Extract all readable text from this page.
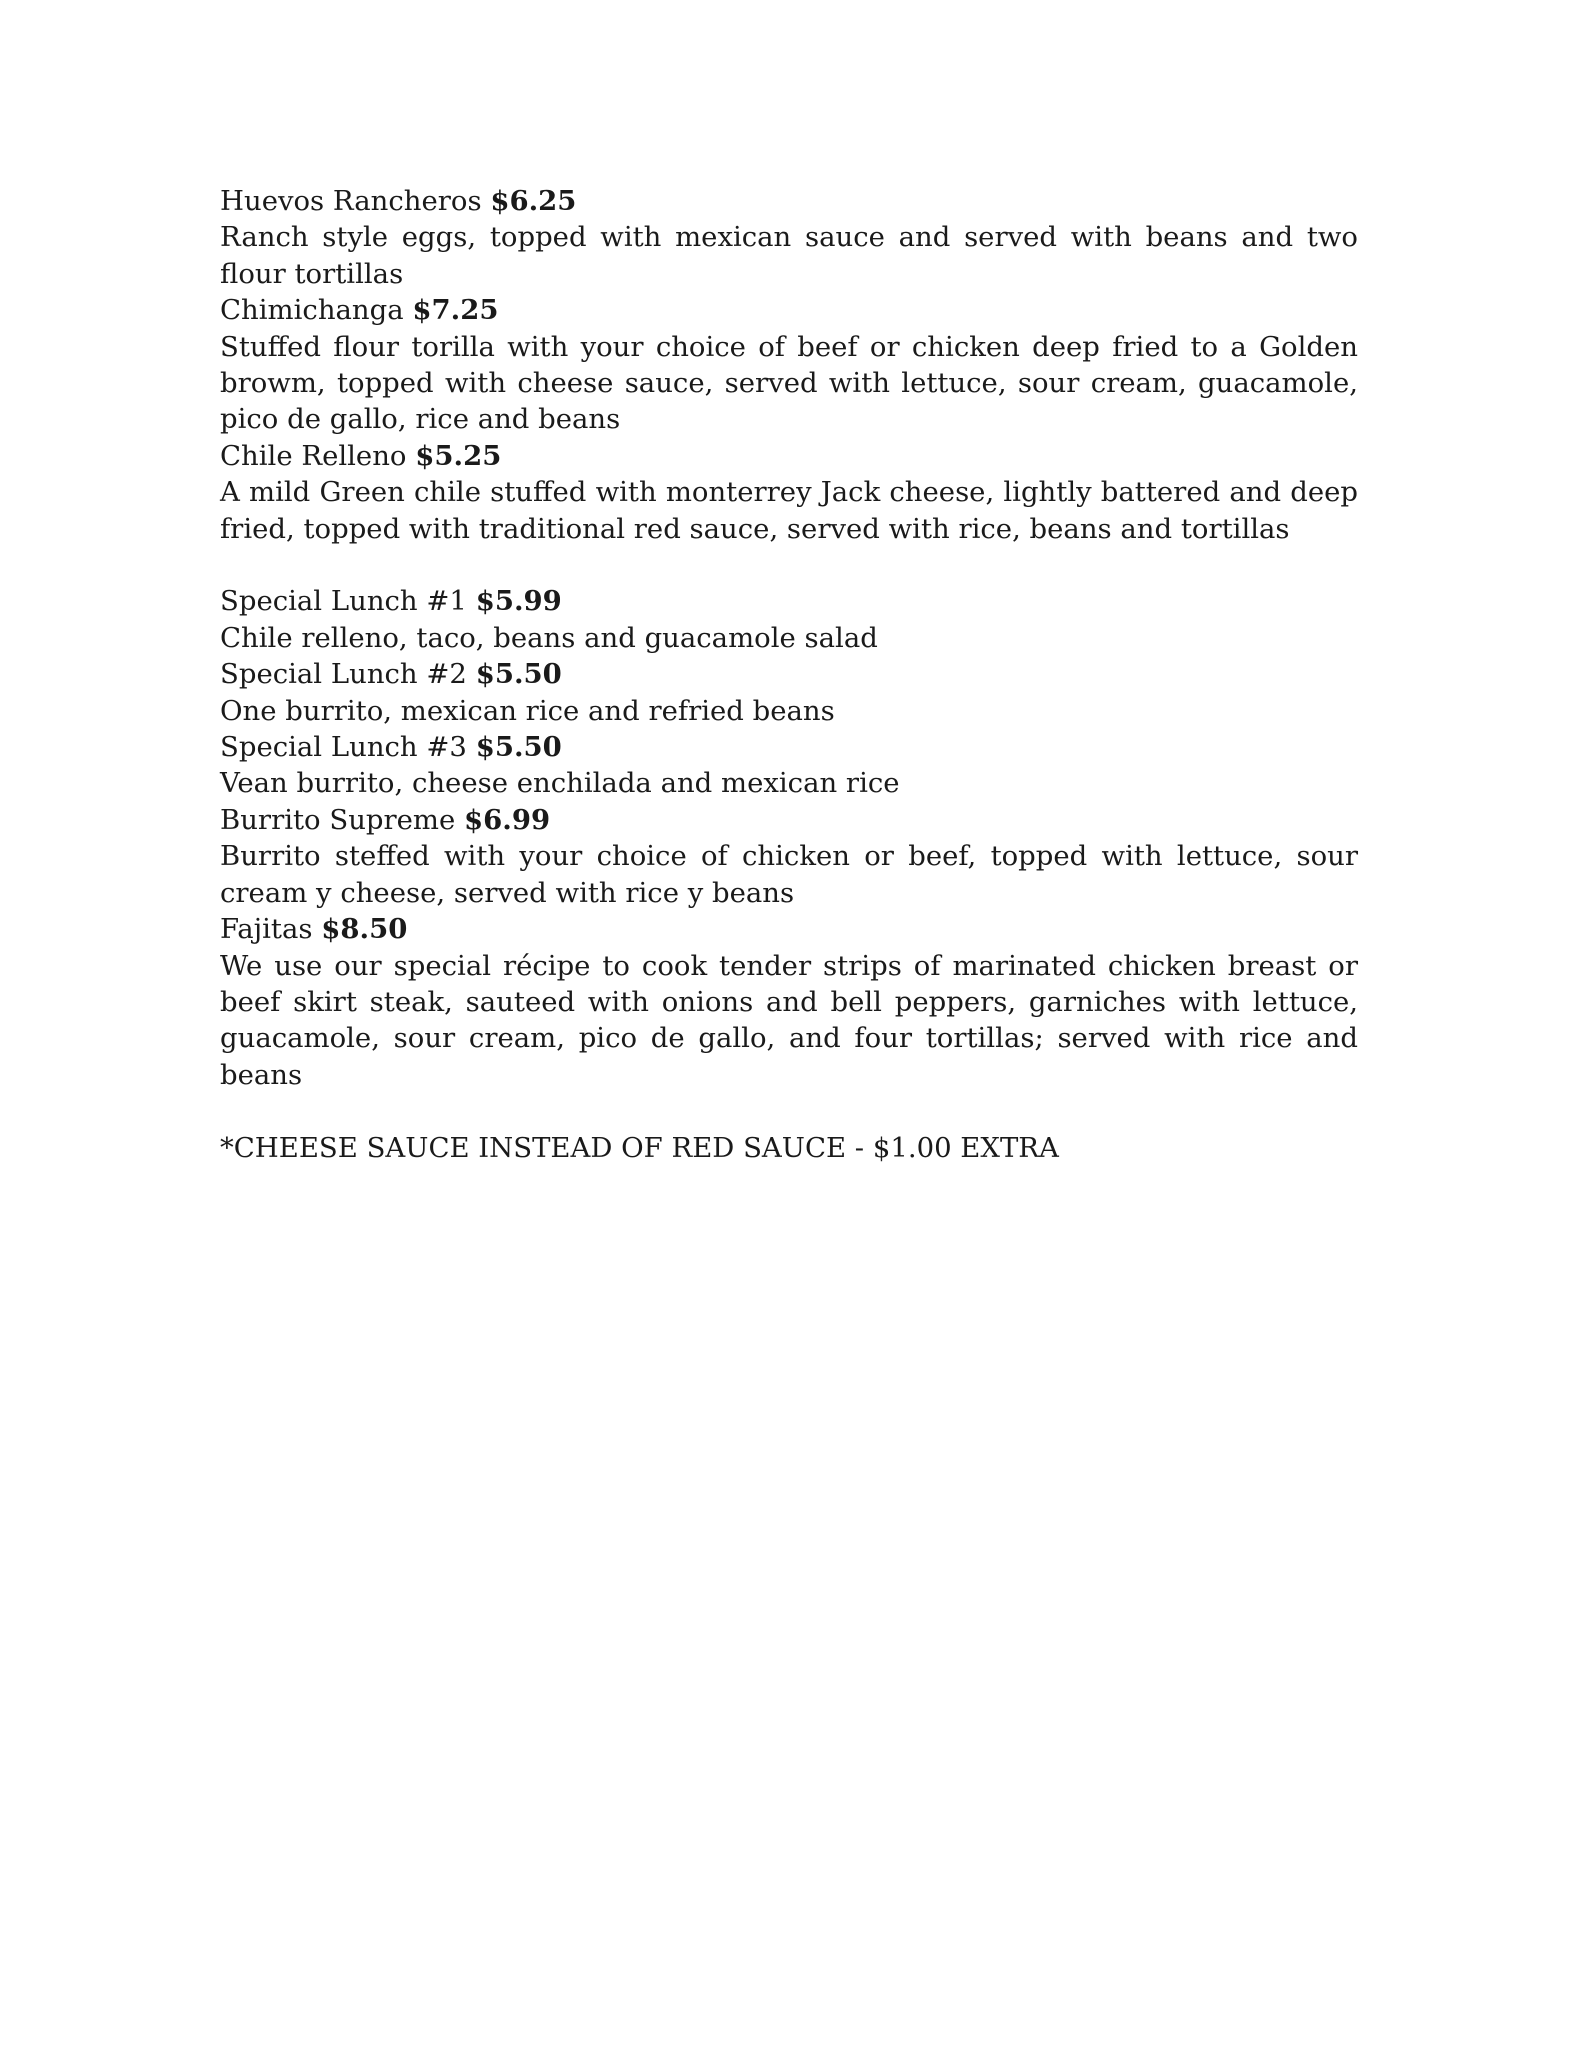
Huevos Rancheros $6.25

Ranch style eggs, topped with mexican sauce and served with beans and two flour tortillas

Chimichanga $7.25

Stuffed flour torilla with your choice of beef or chicken deep fried to a Golden browm, topped with cheese sauce, served with lettuce, sour cream, guacamole, pico de gallo, rice and beans

Chile Relleno $5.25

A mild Green chile stuffed with monterrey Jack cheese, lightly battered and deep fried, topped with traditional red sauce, served with rice, beans and tortillas

Special Lunch #1 $5.99

Chile relleno, taco, beans and guacamole salad

Special Lunch #2 $5.50

One burrito, mexican rice and refried beans

Special Lunch #3 $5.50

Vean burrito, cheese enchilada and mexican rice

Burrito Supreme $6.99

Burrito steffed with your choice of chicken or beef, topped with lettuce, sour cream y cheese, served with rice y beans

Fajitas $8.50

We use our special récipe to cook tender strips of marinated chicken breast or beef skirt steak, sauteed with onions and bell peppers, garniches with lettuce, guacamole, sour cream, pico de gallo, and four tortillas; served with rice and beans

*CHEESE SAUCE INSTEAD OF RED SAUCE - $1.00 EXTRA
